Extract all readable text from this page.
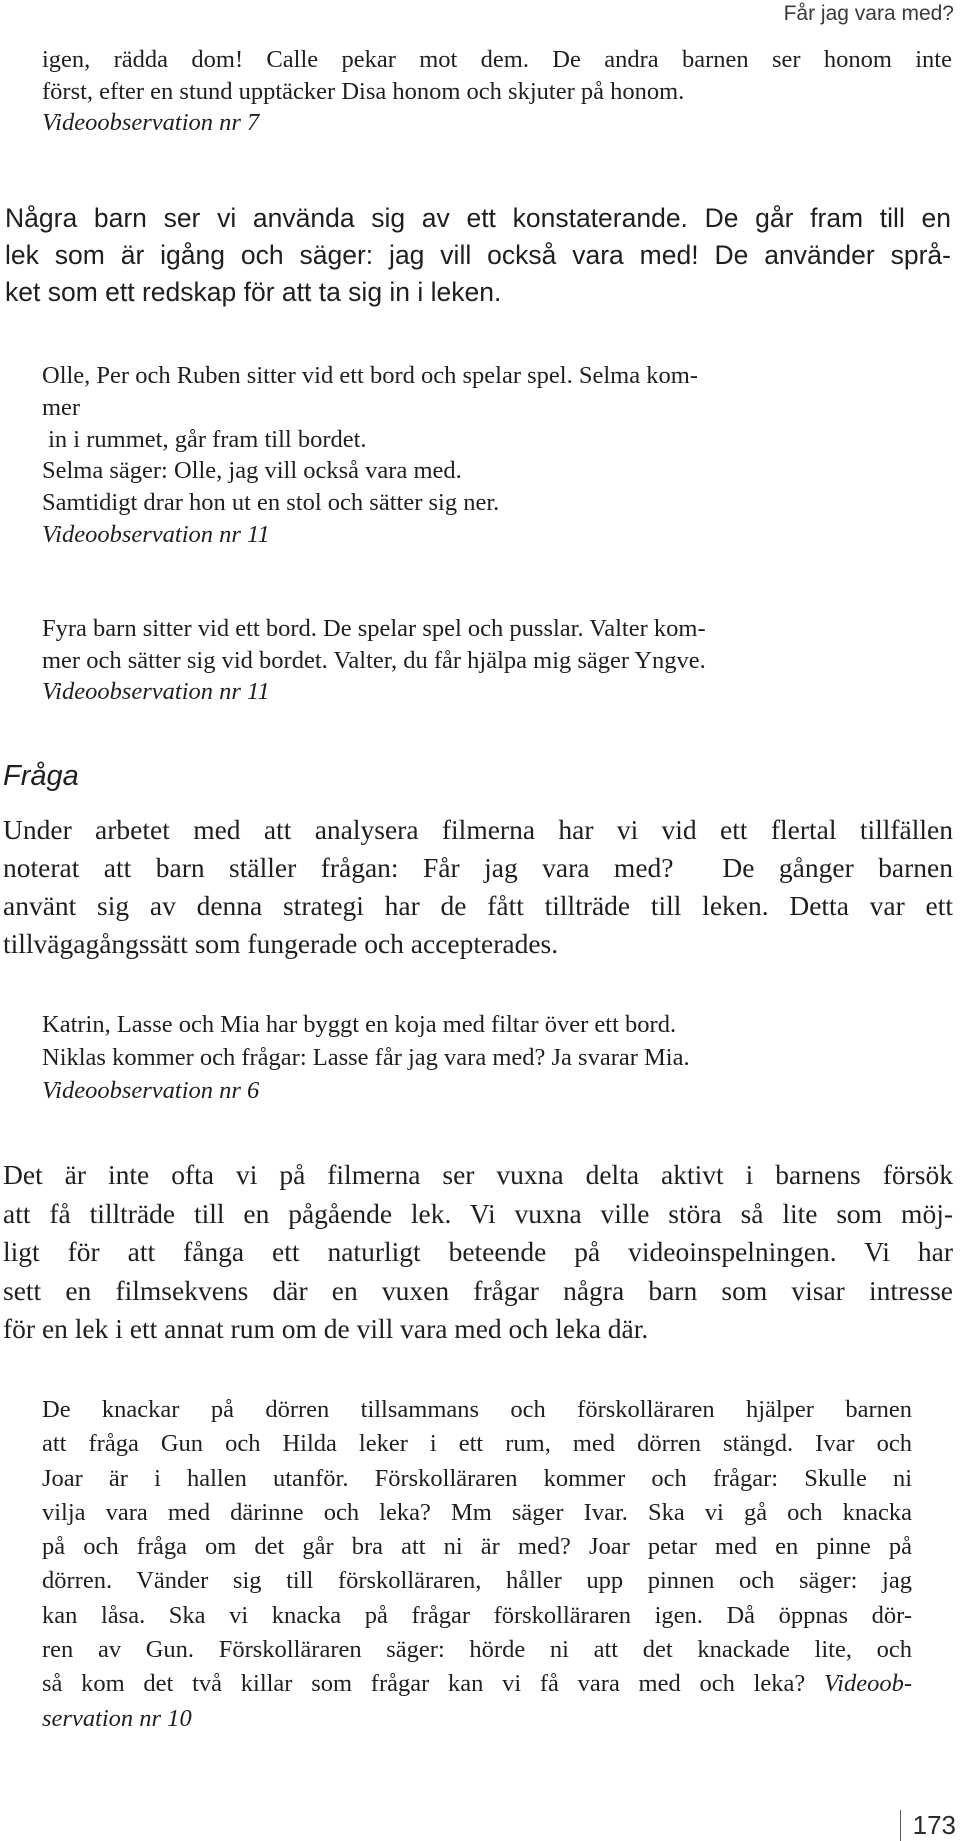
Får jag vara med?
igen, rädda dom! Calle pekar mot dem. De andra barnen ser honom inte
först, efter en stund upptäcker Disa honom och skjuter på honom.
Videoobservation nr 7
Några barn ser vi använda sig av ett konstaterande. De går fram till en
lek som är igång och säger: jag vill också vara med! De använder språ-
ket som ett redskap för att ta sig in i leken.
Olle, Per och Ruben sitter vid ett bord och spelar spel. Selma kom-
mer
in i rummet, går fram till bordet.
Selma säger: Olle, jag vill också vara med.
Samtidigt drar hon ut en stol och sätter sig ner.
Videoobservation nr 11
Fyra barn sitter vid ett bord. De spelar spel och pusslar. Valter kom-
mer och sätter sig vid bordet. Valter, du får hjälpa mig säger Yngve.
Videoobservation nr 11
Fråga
Under arbetet med att analysera filmerna har vi vid ett flertal tillfällen
noterat att barn ställer frågan: Får jag vara med?  De gånger barnen
använt sig av denna strategi har de fått tillträde till leken. Detta var ett
tillvägagångssätt som fungerade och accepterades.
Katrin, Lasse och Mia har byggt en koja med filtar över ett bord.
Niklas kommer och frågar: Lasse får jag vara med? Ja svarar Mia.
Videoobservation nr 6
Det är inte ofta vi på filmerna ser vuxna delta aktivt i barnens försök
att få tillträde till en pågående lek. Vi vuxna ville störa så lite som möj-
ligt för att fånga ett naturligt beteende på videoinspelningen. Vi har
sett en filmsekvens där en vuxen frågar några barn som visar intresse
för en lek i ett annat rum om de vill vara med och leka där.
De knackar på dörren tillsammans och förskolläraren hjälper barnen
att fråga Gun och Hilda leker i ett rum, med dörren stängd. Ivar och
Joar är i hallen utanför. Förskolläraren kommer och frågar: Skulle ni
vilja vara med därinne och leka? Mm säger Ivar. Ska vi gå och knacka
på och fråga om det går bra att ni är med? Joar petar med en pinne på
dörren. Vänder sig till förskolläraren, håller upp pinnen och säger: jag
kan låsa. Ska vi knacka på frågar förskolläraren igen. Då öppnas dör-
ren av Gun. Förskolläraren säger: hörde ni att det knackade lite, och
så kom det två killar som frågar kan vi få vara med och leka? Videoob-
servation nr 10
173
